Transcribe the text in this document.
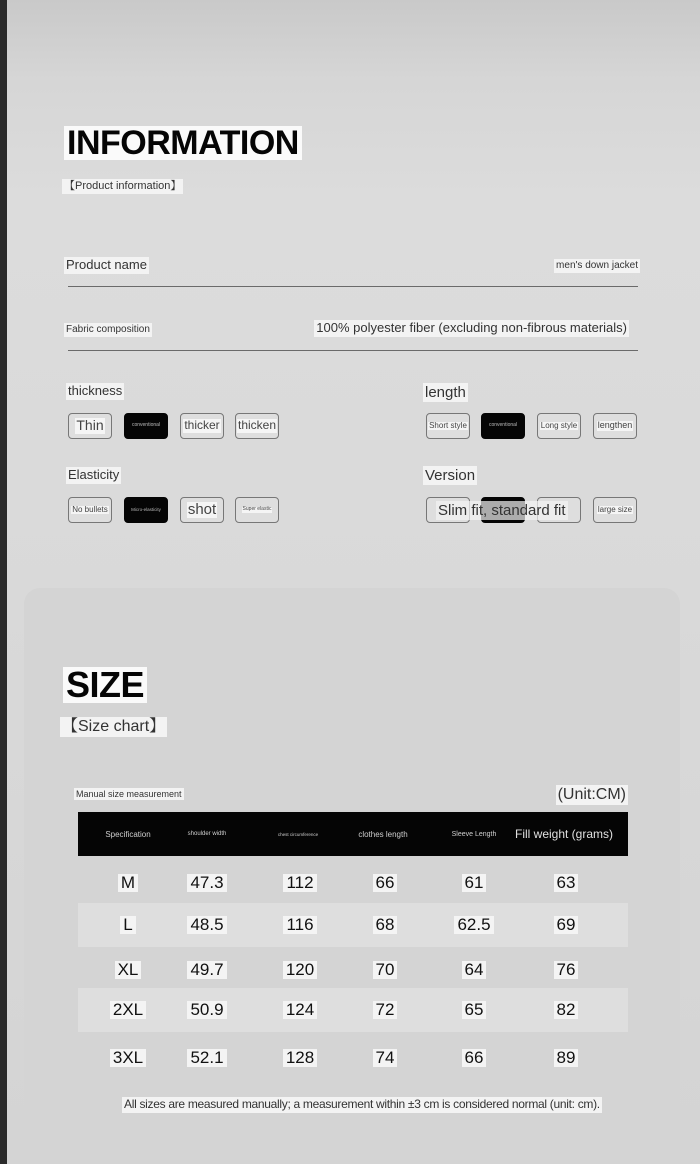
INFORMATION
【Product information】
Product name	men's down jacket
Fabric composition	100% polyester fiber (excluding non-fibrous materials)
thickness
Thin	conventional thicker thicken
length
Short style	conventional	Long style lengthen
Elasticity
No bullets	Micro-elasticity shot	Super elastic
Version
large size
Slim fit, standard fit
SIZE
【Size chart】
Manual size measurement	(Unit:CM)
Specification	shoulder width	chest circumference	clothes length	Sleeve Length	Fill weight (grams)
M	47.3	112	66	61	63
L	48.5	116	68	62.5	69
XL	49.7	120	70	64	76
2XL	50.9	124	72	65	82
3XL	52.1	128	74	66	89
All sizes are measured manually; a measurement within ±3 cm is considered normal (unit: cm).
